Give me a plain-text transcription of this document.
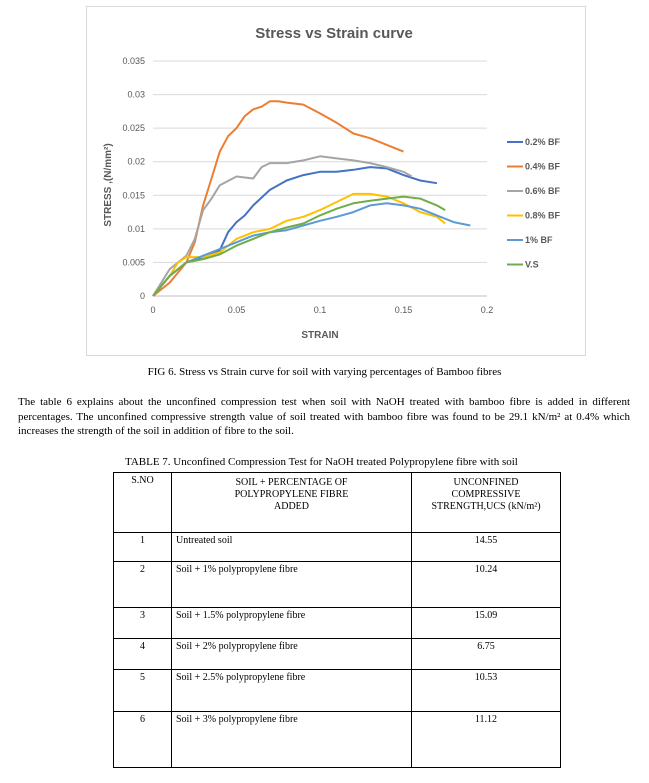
Stress vs Strain curve
0
0.005
0.01
0.015
0.02
0.025
0.03
0.035
0	0.05	0.1	0.15	0.2
0.2% BF
0.4% BF
0.6% BF
0.8% BF
1% BF
V.S
STRAIN
STRESS ,(N/mm²)
FIG 6. Stress vs Strain curve for soil with varying percentages of Bamboo fibres

The table 6 explains about the unconfined compression test when soil with NaOH treated with bamboo fibre is added in different percentages. The unconfined compressive strength value of soil treated with bamboo fibre was found to be 29.1 kN/m² at 0.4% which increases the strength of the soil in addition of fibre to the soil.

TABLE 7. Unconfined Compression Test for NaOH treated Polypropylene fibre with soil
S.NO	SOIL + PERCENTAGE OF POLYPROPYLENE FIBRE ADDED	UNCONFINED COMPRESSIVE STRENGTH,UCS (kN/m²)
1	Untreated soil	14.55
2	Soil + 1% polypropylene fibre	10.24
3	Soil + 1.5% polypropylene fibre	15.09
4	Soil + 2% polypropylene fibre	6.75
5	Soil + 2.5% polypropylene fibre	10.53
6	Soil + 3% polypropylene fibre	11.12
